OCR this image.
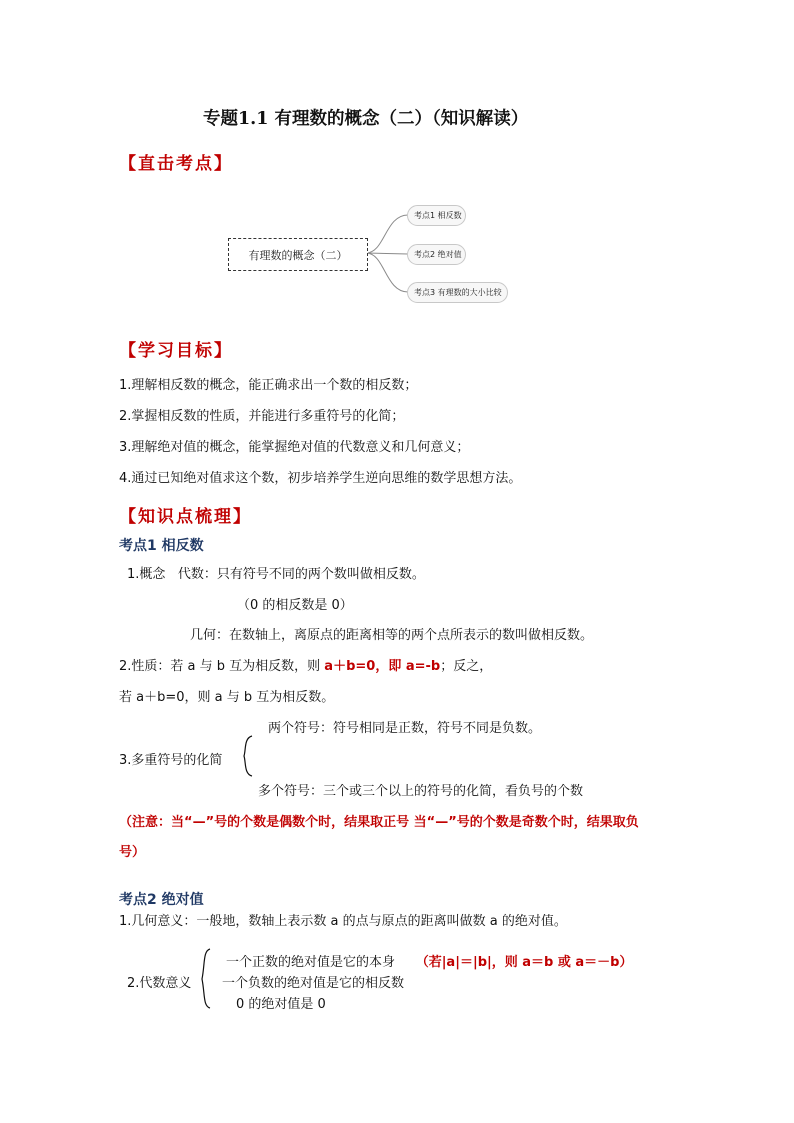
专题1.1 有理数的概念（二）（知识解读）
【直击考点】
有理数的概念（二）
考点1 相反数
考点2 绝对值
考点3 有理数的大小比较
【学习目标】
1.理解相反数的概念，能正确求出一个数的相反数；
2.掌握相反数的性质，并能进行多重符号的化简；
3.理解绝对值的概念，能掌握绝对值的代数意义和几何意义；
4.通过已知绝对值求这个数，初步培养学生逆向思维的数学思想方法。
【知识点梳理】
考点1 相反数
1.概念 代数：只有符号不同的两个数叫做相反数。
（0 的相反数是 0）
几何：在数轴上，离原点的距离相等的两个点所表示的数叫做相反数。
2.性质：若 a 与 b 互为相反数，则 a＋b=0，即 a=-b；反之，
若 a＋b=0，则 a 与 b 互为相反数。
两个符号：符号相同是正数，符号不同是负数。
3.多重符号的化简
多个符号：三个或三个以上的符号的化简，看负号的个数
（注意：当“—”号的个数是偶数个时，结果取正号 当“—”号的个数是奇数个时，结果取负
号）
考点2 绝对值
1.几何意义：一般地，数轴上表示数 a 的点与原点的距离叫做数 a 的绝对值。
一个正数的绝对值是它的本身 （若|a|＝|b|，则 a＝b 或 a＝－b）
2.代数意义 一个负数的绝对值是它的相反数
0 的绝对值是 0
